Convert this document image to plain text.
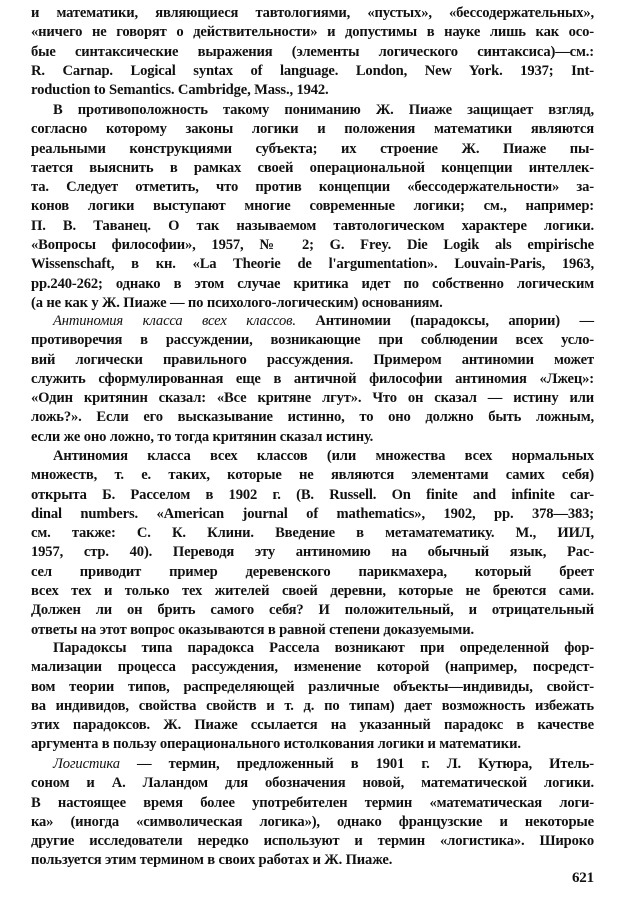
и математики, являющиеся тавтологиями, «пустых», «бессодержательных»,
«ничего не говорят о действительности» и допустимы в науке лишь как осо-
бые синтаксические выражения (элементы логического синтаксиса)—см.:
R. Carnap. Logical syntax of language. London, New York. 1937; Int-
roduction to Semantics. Cambridge, Mass., 1942.
В противоположность такому пониманию Ж. Пиаже защищает взгляд,
согласно которому законы логики и положения математики являются
реальными конструкциями субъекта; их строение Ж. Пиаже пы-
тается выяснить в рамках своей операциональной концепции интеллек-
та. Следует отметить, что против концепции «бессодержательности» за-
конов логики выступают многие современные логики; см., например:
П. В. Таванец. О так называемом тавтологическом характере логики.
«Вопросы философии», 1957, № 2; G. Frey. Die Logik als empirische
Wissenschaft, в кн. «La Theorie de l'argumentation». Louvain-Paris, 1963,
pp.240-262; однако в этом случае критика идет по собственно логическим
(а не как у Ж. Пиаже — по психолого-логическим) основаниям.
Антиномия класса всех классов. Антиномии (парадоксы, апории) —
противоречия в рассуждении, возникающие при соблюдении всех усло-
вий логически правильного рассуждения. Примером антиномии может
служить сформулированная еще в античной философии антиномия «Лжец»:
«Один критянин сказал: «Все критяне лгут». Что он сказал — истину или
ложь?». Если его высказывание истинно, то оно должно быть ложным,
если же оно ложно, то тогда критянин сказал истину.
Антиномия класса всех классов (или множества всех нормальных
множеств, т. е. таких, которые не являются элементами самих себя)
открыта Б. Расселом в 1902 г. (B. Russell. On finite and infinite car-
dinal numbers. «American journal of mathematics», 1902, pp. 378—383;
см. также: С. К. Клини. Введение в метаматематику. М., ИИЛ,
1957, стр. 40). Переводя эту антиномию на обычный язык, Рас-
сел приводит пример деревенского парикмахера, который бреет
всех тех и только тех жителей своей деревни, которые не бреются сами.
Должен ли он брить самого себя? И положительный, и отрицательный
ответы на этот вопрос оказываются в равной степени доказуемыми.
Парадоксы типа парадокса Рассела возникают при определенной фор-
мализации процесса рассуждения, изменение которой (например, посредст-
вом теории типов, распределяющей различные объекты—индивиды, свойст-
ва индивидов, свойства свойств и т. д. по типам) дает возможность избежать
этих парадоксов. Ж. Пиаже ссылается на указанный парадокс в качестве
аргумента в пользу операционального истолкования логики и математики.
Логистика — термин, предложенный в 1901 г. Л. Кутюра, Итель-
соном и А. Лаландом для обозначения новой, математической логики.
В настоящее время более употребителен термин «математическая логи-
ка» (иногда «символическая логика»), однако французские и некоторые
другие исследователи нередко используют и термин «логистика». Широко
пользуется этим термином в своих работах и Ж. Пиаже.
621
